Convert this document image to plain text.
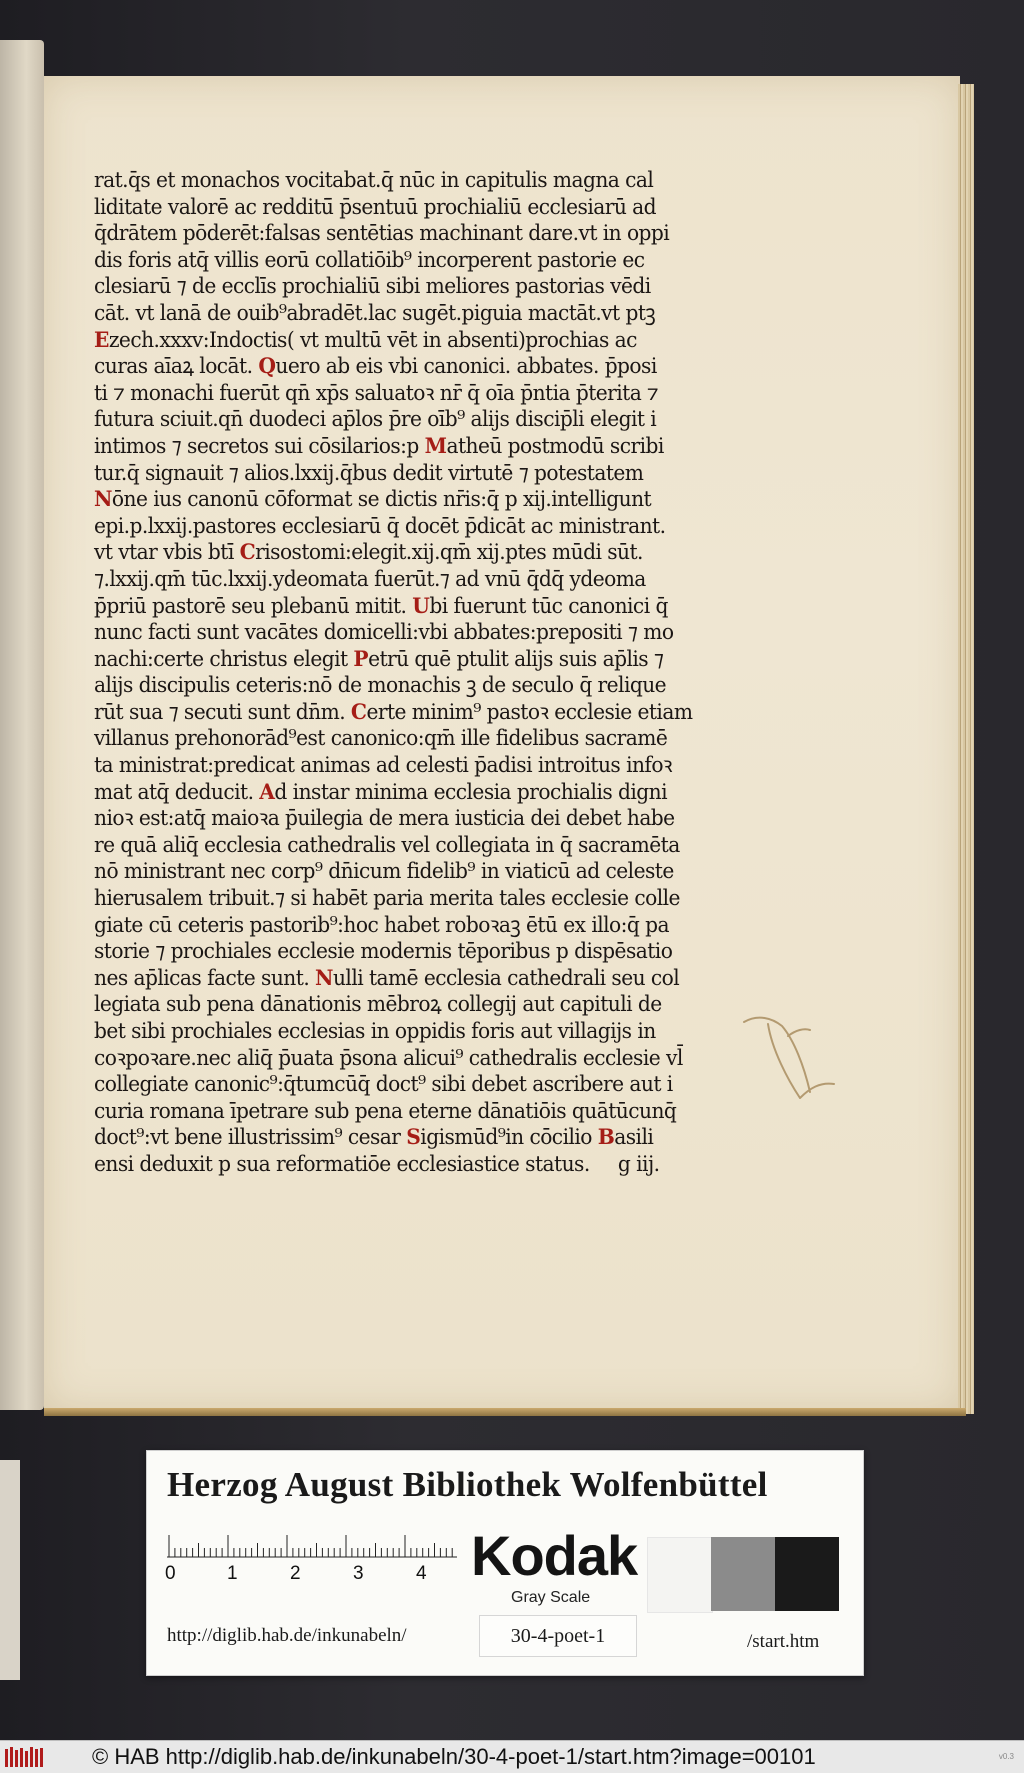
rat.q̄s et monachos vocitabat.q̄ nūc in capitulis magna cal
liditate valorē ac redditū̄ p̄sentuū prochialiū ecclesiarū ad
q̄drātem pōderēt:falsas sentētias machinant dare.vt in oppi
dis foris atq̄ villis eorū collatiōib⁹ incorperent pastorie ec
clesiarū ⁊ de ecclīs prochialiū sibi meliores pastorias vēdi
cāt. vt lanā de ouib⁹abradēt.lac sugēt.piguia mactāt.vt ptꝫ
Ezech.xxxv:Indoctis( vt multū vēt in absenti)prochias ac
curas aīaꝝ locāt. Quero ab eis vbi canonici. abbates. p̄posi
ti ⁊ monachi fuerūt qn̄ xp̄s saluatoꝛ nr̄ q̄ oīa p̄ntia p̄terita ⁊
futura sciuit.qn̄ duodeci ap̄los p̄re oīb⁹ alijs discip̄li elegit i
intimos ⁊ secretos sui cōsilarios:p Matheū postmodū scribi
tur.q̄ signauit ⁊ alios.lxxij.q̄bus dedit virtutē ⁊ potestatem
Nōne ius canonū cōformat se dictis nr̄is:q̄ p xij.intelligunt
epi.p.lxxij.pastores ecclesiarū q̄ docēt p̄dicāt ac ministrant.
vt vtar vbis btī Crisostomi:elegit.xij.qm̄ xij.ptes mūdi sūt.
⁊.lxxij.qm̄ tūc.lxxij.ydeomata fuerūt.⁊ ad vnū q̄dq̄ ydeoma
p̄priū pastorē seu plebanū mitit. Ubi fuerunt tūc canonici q̄
nunc facti sunt vacātes domicelli:vbi abbates:prepositi ⁊ mo
nachi:certe christus elegit Petrū quē ptulit alijs suis ap̄lis ⁊
alijs discipulis ceteris:nō de monachis ꝫ de seculo q̄ relique
rūt sua ⁊ secuti sunt dn̄m. Certe minim⁹ pastoꝛ ecclesie etiam
villanus prehonorād⁹est canonico:qm̄ ille fidelibus sacramē
ta ministrat:predicat animas ad celesti p̄adisi introitus infoꝛ
mat atq̄ deducit. Ad instar minima ecclesia prochialis digni
nioꝛ est:atq̄ maioꝛa p̄uilegia de mera iusticia dei debet habe
re quā aliq̄ ecclesia cathedralis vel collegiata in q̄ sacramēta
nō ministrant nec corp⁹ dn̄icum fidelib⁹ in viaticū ad celeste
hierusalem tribuit.⁊ si habēt paria merita tales ecclesie colle
giate cū ceteris pastorib⁹:hoc habet roboꝛaꝫ ētū ex illo:q̄ pa
storie ⁊ prochiales ecclesie modernis tēporibus p dispēsatio
nes ap̄licas facte sunt. Nulli tamē ecclesia cathedrali seu col
legiata sub pena dānationis mēbroꝝ collegij aut capituli de
bet sibi prochiales ecclesias in oppidis foris aut villagijs in
coꝛpoꝛare.nec aliq̄ p̄uata p̄sona alicui⁹ cathedralis ecclesie vl̄
collegiate canonic⁹:q̄tumcūq̄ doct⁹ sibi debet ascribere aut i
curia romana īpetrare sub pena eterne dānatiōis quātūcunq̄
doct⁹:vt bene illustrissim⁹ cesar Sigismūd⁹in cōcilio Basili
ensi deduxit p sua reformatiōe ecclesiastice status. g iij.
Herzog August Bibliothek Wolfenbüttel
0	1	2	3	4 Kodak
Gray Scale
http://diglib.hab.de/inkunabeln/	30-4-poet-1	/start.htm
© HAB http://diglib.hab.de/inkunabeln/30-4-poet-1/start.htm?image=00101	v0.3
